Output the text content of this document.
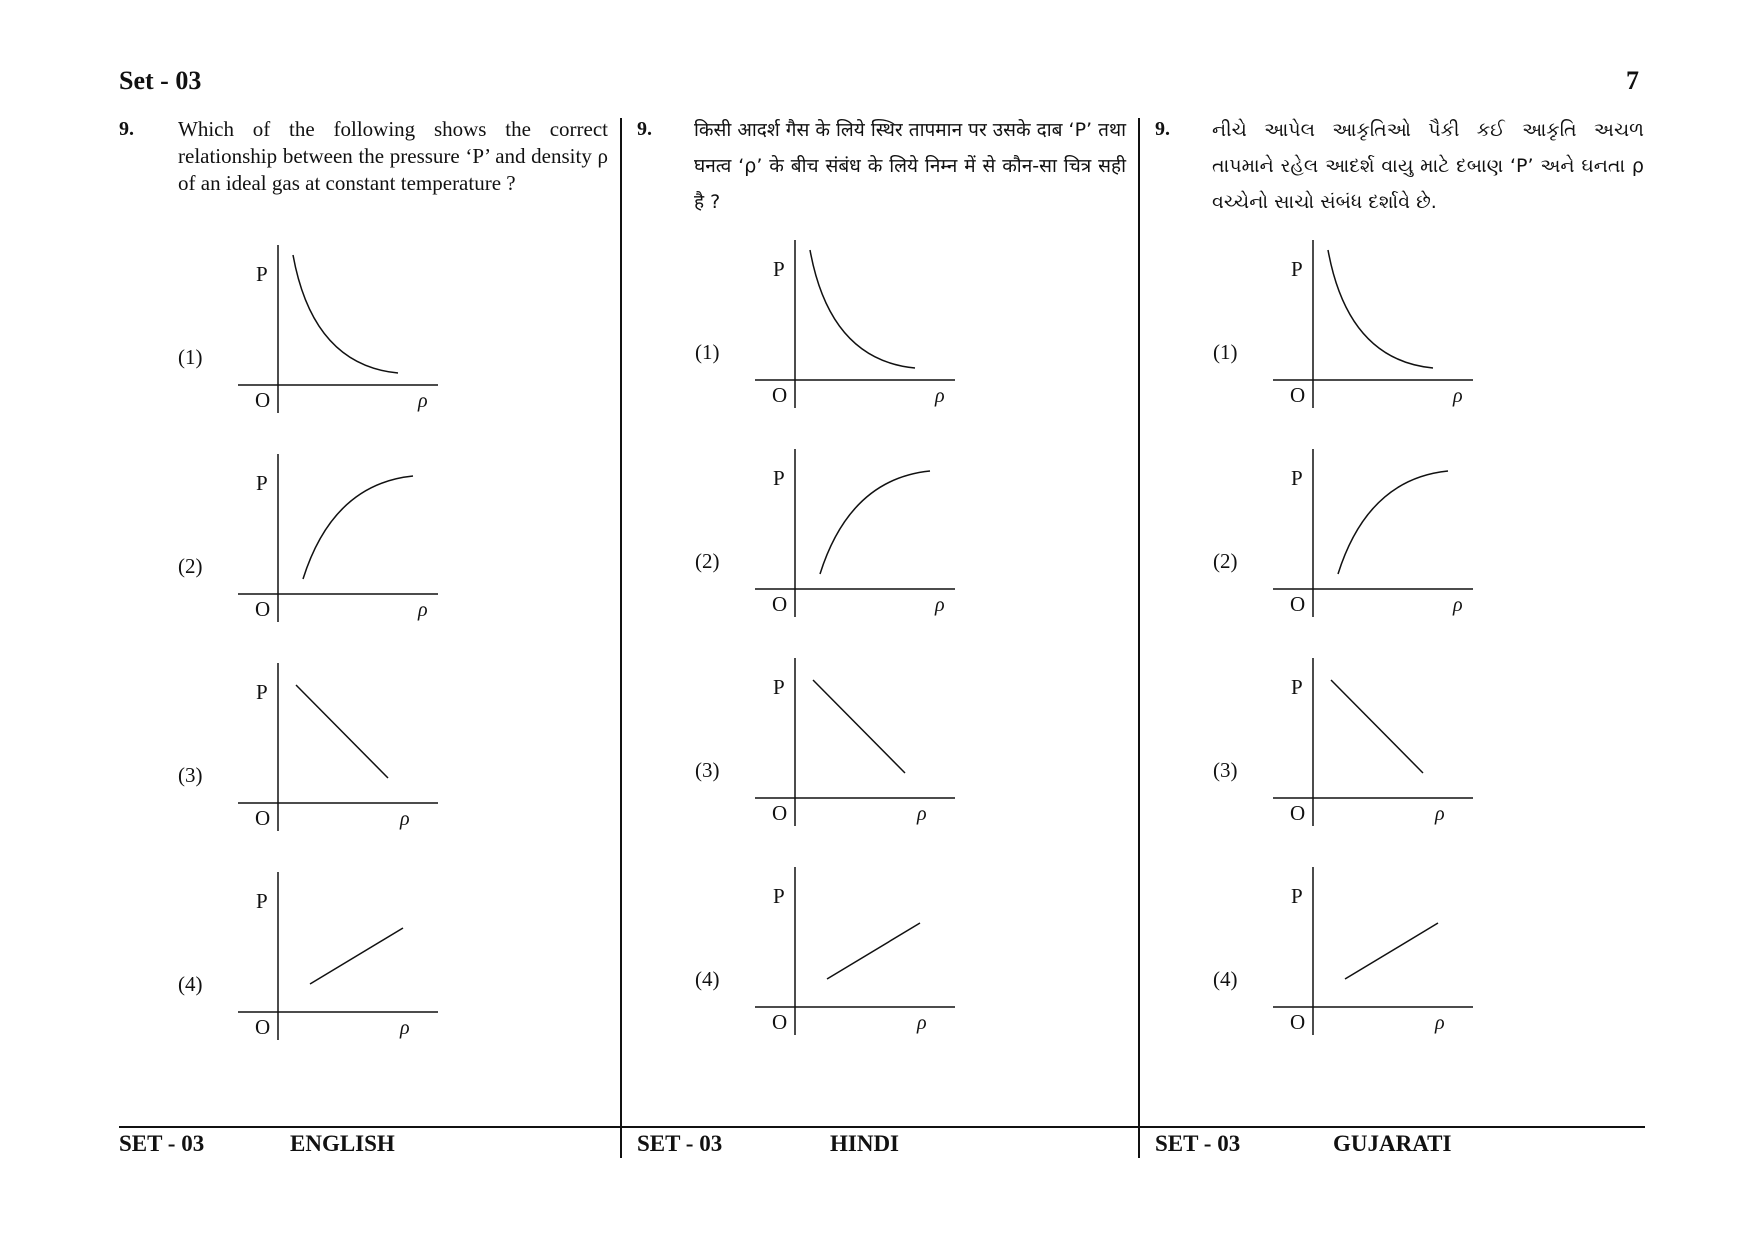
Set - 03	7
9. Which of the following shows the correct relationship between the pressure ‘P’ and density ρ of an ideal gas at constant temperature ?
9. किसी आदर्श गैस के लिये स्थिर तापमान पर उसके दाब ‘P’ तथा घनत्व ‘ρ’ के बीच संबंध के लिये निम्न में से कौन-सा चित्र सही है ?
9. નીચે આપેલ આકૃતિઓ પૈકી કઈ આકૃતિ અચળ તાપમાને રહેલ આદર્શ વાયુ માટે દબાણ ‘P’ અને ઘનતા ρ વચ્ચેનો સાચો સંબંધ દર્શાવે છે.
SET - 03	ENGLISH	SET - 03	HINDI	SET - 03	GUJARATI
(1)
P
O	ρ
(2)
P
O	ρ
(3)
P
O	ρ
(4)
P
O	ρ
(1)
P
O	ρ
(2)
P
O	ρ
(3)
P
O	ρ
(4)
P
O	ρ
(1)
P
O	ρ
(2)
P
O	ρ
(3)
P
O	ρ
(4)
P
O	ρ
